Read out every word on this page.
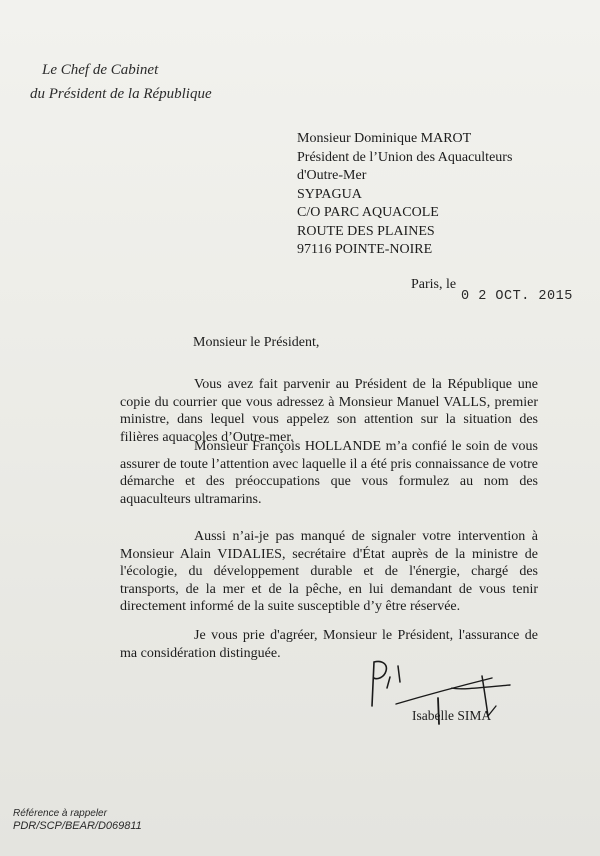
Le Chef de Cabinet
du Président de la République
Monsieur Dominique MAROT
Président de l’Union des Aquaculteurs
d'Outre-Mer
SYPAGUA
C/O PARC AQUACOLE
ROUTE DES PLAINES
97116 POINTE-NOIRE
Paris, le
0 2 OCT. 2015
Monsieur le Président,
Vous avez fait parvenir au Président de la République une copie du courrier que vous adressez à Monsieur Manuel VALLS, premier ministre, dans lequel vous appelez son attention sur la situation des filières aquacoles d’Outre-mer.
Monsieur François HOLLANDE m’a confié le soin de vous assurer de toute l’attention avec laquelle il a été pris connaissance de votre démarche et des préoccupations que vous formulez au nom des aquaculteurs ultramarins.
Aussi n’ai-je pas manqué de signaler votre intervention à Monsieur Alain VIDALIES, secrétaire d'État auprès de la ministre de l'écologie, du développement durable et de l'énergie, chargé des transports, de la mer et de la pêche, en lui demandant de vous tenir directement informé de la suite susceptible d’y être réservée.
Je vous prie d'agréer, Monsieur le Président, l'assurance de ma considération distinguée.
Isabelle SIMA
Référence à rappeler
PDR/SCP/BEAR/D069811
